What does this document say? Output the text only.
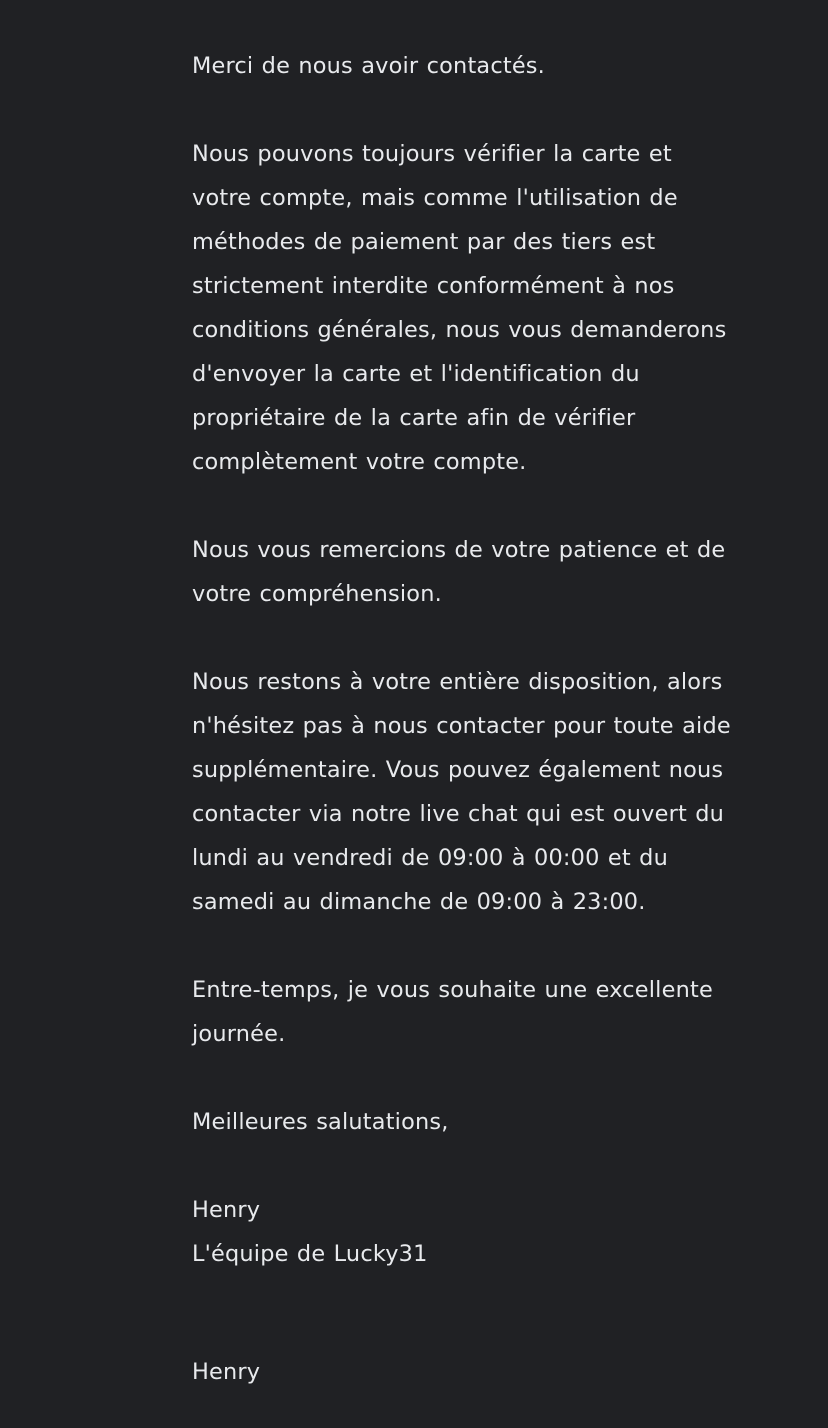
Merci de nous avoir contactés.

Nous pouvons toujours vérifier la carte et
votre compte, mais comme l'utilisation de
méthodes de paiement par des tiers est
strictement interdite conformément à nos
conditions générales, nous vous demanderons
d'envoyer la carte et l'identification du
propriétaire de la carte afin de vérifier
complètement votre compte.

Nous vous remercions de votre patience et de
votre compréhension.

Nous restons à votre entière disposition, alors
n'hésitez pas à nous contacter pour toute aide
supplémentaire. Vous pouvez également nous
contacter via notre live chat qui est ouvert du
lundi au vendredi de 09:00 à 00:00 et du
samedi au dimanche de 09:00 à 23:00.

Entre-temps, je vous souhaite une excellente
journée.

Meilleures salutations,

Henry
L'équipe de Lucky31

Henry
